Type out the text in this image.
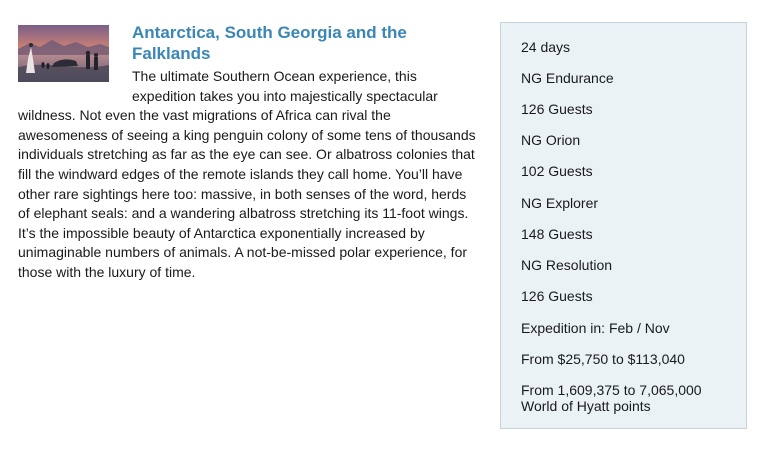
Antarctica, South Georgia and the Falklands

The ultimate Southern Ocean experience, this expedition takes you into majestically spectacular wildness. Not even the vast migrations of Africa can rival the awesomeness of seeing a king penguin colony of some tens of thousands individuals stretching as far as the eye can see. Or albatross colonies that fill the windward edges of the remote islands they call home. You’ll have other rare sightings here too: massive, in both senses of the word, herds of elephant seals: and a wandering albatross stretching its 11-foot wings. It’s the impossible beauty of Antarctica exponentially increased by unimaginable numbers of animals. A not-be-missed polar experience, for those with the luxury of time.

24 days
NG Endurance
126 Guests
NG Orion
102 Guests
NG Explorer
148 Guests
NG Resolution
126 Guests
Expedition in: Feb / Nov
From $25,750 to $113,040
From 1,609,375 to 7,065,000
World of Hyatt points
